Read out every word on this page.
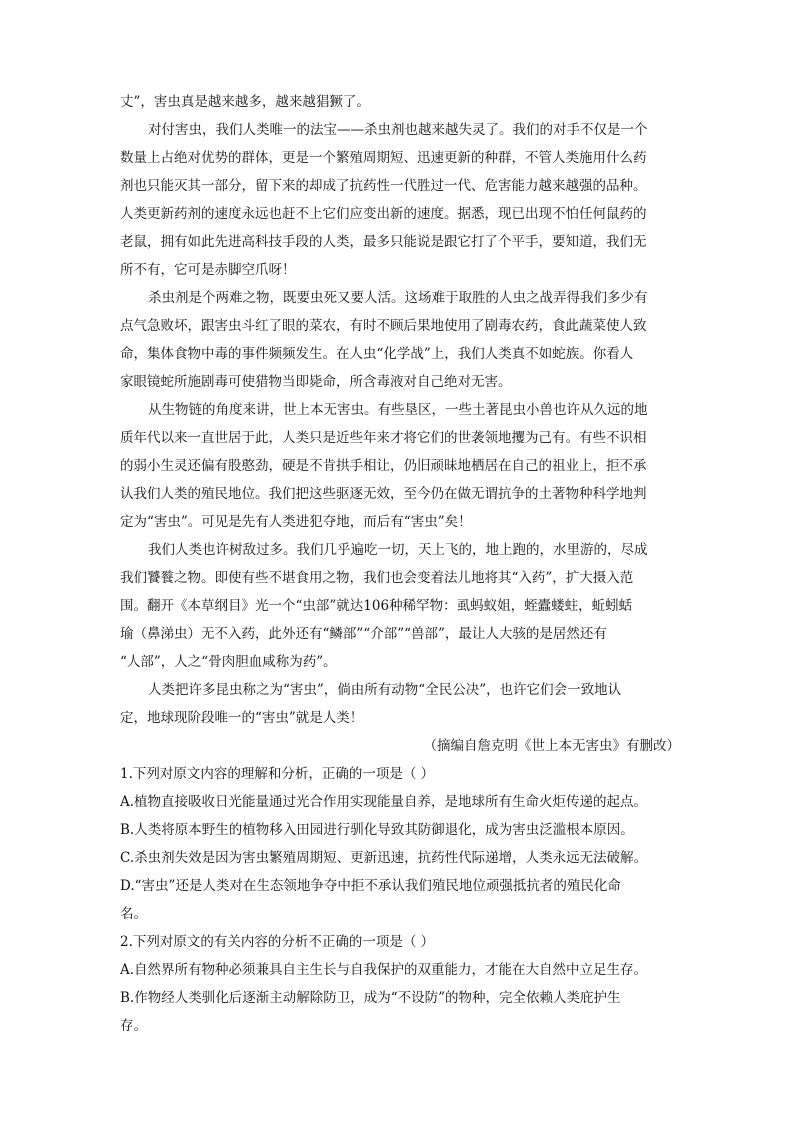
丈”，害虫真是越来越多，越来越猖獗了。

对付害虫，我们人类唯一的法宝——杀虫剂也越来越失灵了。我们的对手不仅是一个
数量上占绝对优势的群体，更是一个繁殖周期短、迅速更新的种群，不管人类施用什么药
剂也只能灭其一部分，留下来的却成了抗药性一代胜过一代、危害能力越来越强的品种。
人类更新药剂的速度永远也赶不上它们应变出新的速度。据悉，现已出现不怕任何鼠药的
老鼠，拥有如此先进高科技手段的人类，最多只能说是跟它打了个平手，要知道，我们无
所不有，它可是赤脚空爪呀！

杀虫剂是个两难之物，既要虫死又要人活。这场难于取胜的人虫之战弄得我们多少有
点气急败坏，跟害虫斗红了眼的菜农，有时不顾后果地使用了剧毒农药，食此蔬菜使人致
命，集体食物中毒的事件频频发生。在人虫“化学战”上，我们人类真不如蛇族。你看人
家眼镜蛇所施剧毒可使猎物当即毙命，所含毒液对自己绝对无害。

从生物链的角度来讲，世上本无害虫。有些垦区，一些土著昆虫小兽也许从久远的地
质年代以来一直世居于此，人类只是近些年来才将它们的世袭领地攫为己有。有些不识相
的弱小生灵还偏有股憨劲，硬是不肯拱手相让，仍旧顽昧地栖居在自己的祖业上，拒不承
认我们人类的殖民地位。我们把这些驱逐无效，至今仍在做无谓抗争的土著物种科学地判
定为“害虫”。可见是先有人类进犯夺地，而后有“害虫”矣！

我们人类也许树敌过多。我们几乎遍吃一切，天上飞的，地上跑的，水里游的，尽成
我们饕餮之物。即使有些不堪食用之物，我们也会变着法儿地将其“入药”，扩大摄入范
围。翻开《本草纲目》光一个“虫部”就达106种稀罕物：虱蚂蚁姐，蛭蠹蝼蛀，蚯蚓蛞
瑜（鼻涕虫）无不入药，此外还有“鳞部”“介部”“兽部”，最让人大骇的是居然还有
“人部”，人之“骨肉胆血咸称为药”。

人类把许多昆虫称之为“害虫”，倘由所有动物“全民公决”，也许它们会一致地认
定，地球现阶段唯一的“害虫”就是人类！

（摘编自詹克明《世上本无害虫》有删改）

1.下列对原文内容的理解和分析，正确的一项是（ ）
A.植物直接吸收日光能量通过光合作用实现能量自养，是地球所有生命火炬传递的起点。
B.人类将原本野生的植物移入田园进行驯化导致其防御退化，成为害虫泛滥根本原因。
C.杀虫剂失效是因为害虫繁殖周期短、更新迅速，抗药性代际递增，人类永远无法破解。
D.“害虫”还是人类对在生态领地争夺中拒不承认我们殖民地位顽强抵抗者的殖民化命
名。
2.下列对原文的有关内容的分析不正确的一项是（ ）
A.自然界所有物种必须兼具自主生长与自我保护的双重能力，才能在大自然中立足生存。
B.作物经人类驯化后逐渐主动解除防卫，成为“不设防”的物种，完全依赖人类庇护生
存。
